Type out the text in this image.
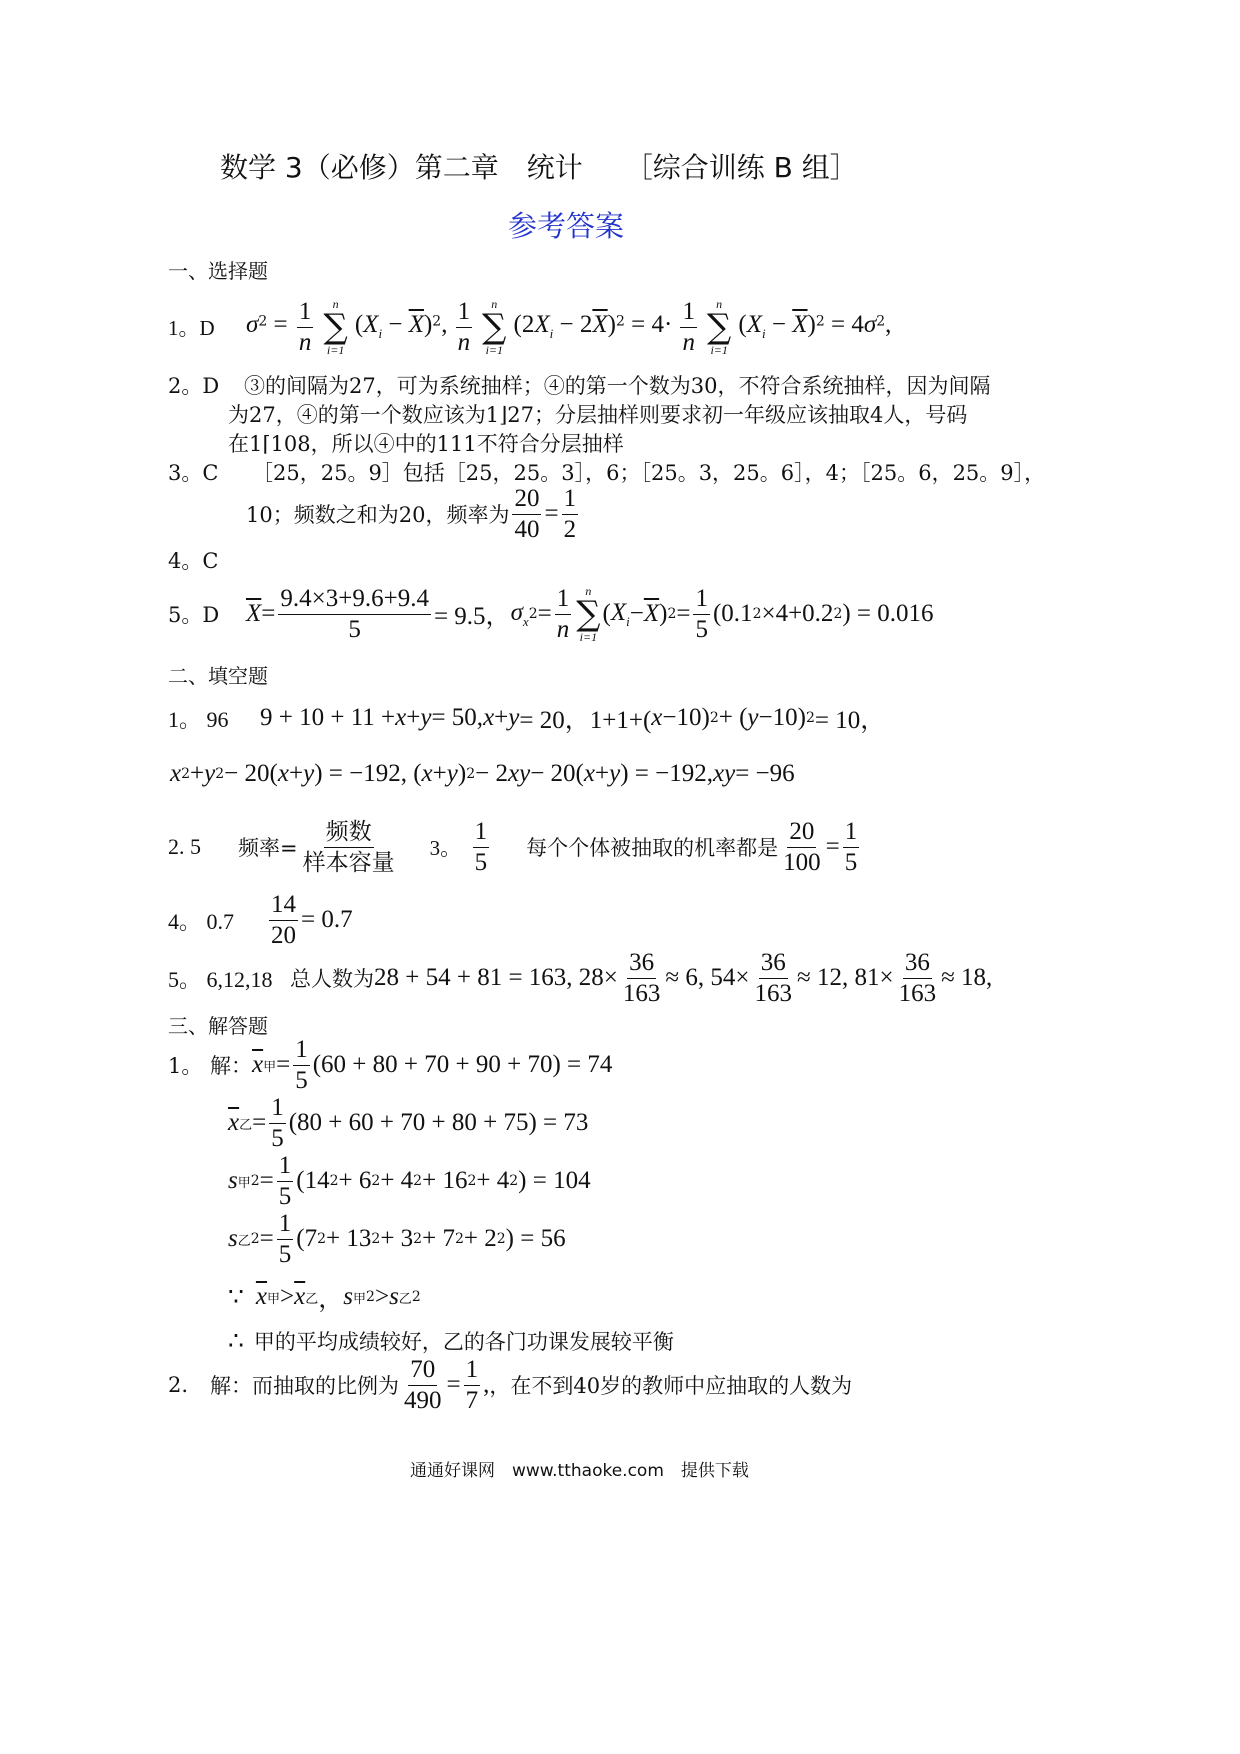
数学 3（必修）第二章　统计　　［综合训练 B 组］
参考答案
一、选择题
1。D	$\sigma^2 = \frac{1}{n}$
n
∑
i=1
$(X_i - \overline{X})^2$, $\frac{1}{n}$
n
∑
i=1
$(2X_i - 2\overline{X})^2 = 4\cdot \frac{1}{n}$
n
∑
i=1
$(X_i - \overline{X})^2 = 4\sigma^2$,
2。D ③的间隔为27，可为系统抽样；④的第一个数为30，不符合系统抽样，因为间隔
为27，④的第一个数应该为1⌋27；分层抽样则要求初一年级应该抽取4人，号码
在1⌈108，所以④中的111不符合分层抽样
3。C ［25，25。9］包括［25，25。3］，6；［25。3，25。6］，4；［25。6，25。9］，
10；频数之和为20，频率为 $\frac{20}{40} = \frac{1}{2}$
4。C
5。D	$\overline{X} = \frac{9.4\times 3+9.6+9.4}{5} = 9.5$， $\sigma_x$ $2 = \frac{1}{n}$ n
∑
i=1
( $X_i - \overline{X}$ ) $2 = \frac{1}{5} (0.1$ 2 ×4+0.2 2 ) = 0.016
二、填空题
1。 96	9 + 10 + 11 + x + y = 50, x + y = 20，1+1+( x −10) 2 + ( y −10) 2 = 10，
x 2 + y 2 − 20( x + y ) = −192, ( x + y ) 2 − 2 xy − 20( x + y ) = −192, xy = −96
2. 5	频率= $\frac{\text{频数}}{\text{样本容量}} 3$。 $\frac{1}{5}$ 每个个体被抽取的机率都是 $\frac{20}{100} = \frac{1}{5}$
4。 0.7	$\frac{14}{20} = 0.7$
5。 6,12,18 总人数为 28 + 54 + 81 = 163, $28\times \frac{36}{163} \approx 6$, $54\times \frac{36}{163} \approx 12$, $81\times \frac{36}{163} \approx 18$,
三、解答题
1。 解： $\overline{x}$ 甲 = $\frac{1}{5} (60 + 80 + 70 + 90 + 70) = 74$
$\overline{x}$ 乙 = $\frac{1}{5} (80 + 60 + 70 + 80 + 75) = 73$
s 甲 $2 = \frac{1}{5} (14$ 2 + 6 2 + 4 2 + 16 2 + 4 2 ) = 104
s 乙 $2 = \frac{1}{5} (7$ 2 + 13 2 + 3 2 + 7 2 + 2 2 ) = 56
∵ $\overline{x}$ 甲 > $\overline{x}$ 乙 ， s 甲 2 > s 乙 2
∴ 甲的平均成绩较好，乙的各门功课发展较平衡
2.	解：而抽取的比例为 $\frac{70}{490} = \frac{1}{7}$ , ，在不到40岁的教师中应抽取的人数为
通通好课网　www.tthaoke.com　提供下载
